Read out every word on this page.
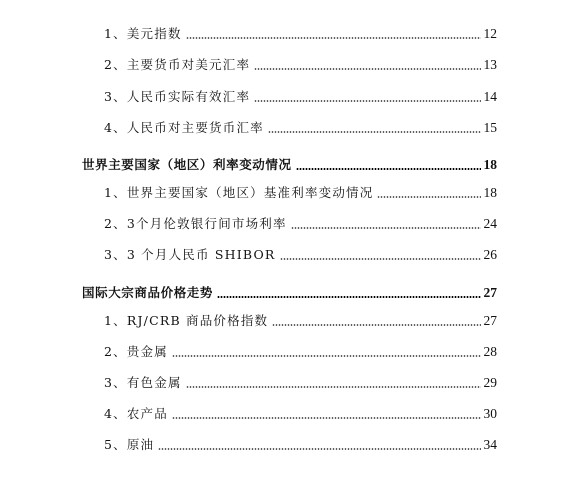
1、美元指数	12
2、主要货币对美元汇率	13
3、人民币实际有效汇率	14
4、人民币对主要货币汇率	15
世界主要国家（地区）利率变动情况	18
1、世界主要国家（地区）基准利率变动情况	18
2、3个月伦敦银行间市场利率	24
3、3 个月人民币 SHIBOR	26
国际大宗商品价格走势	27
1、RJ/CRB 商品价格指数	27
2、贵金属	28
3、有色金属	29
4、农产品	30
5、原油	34
